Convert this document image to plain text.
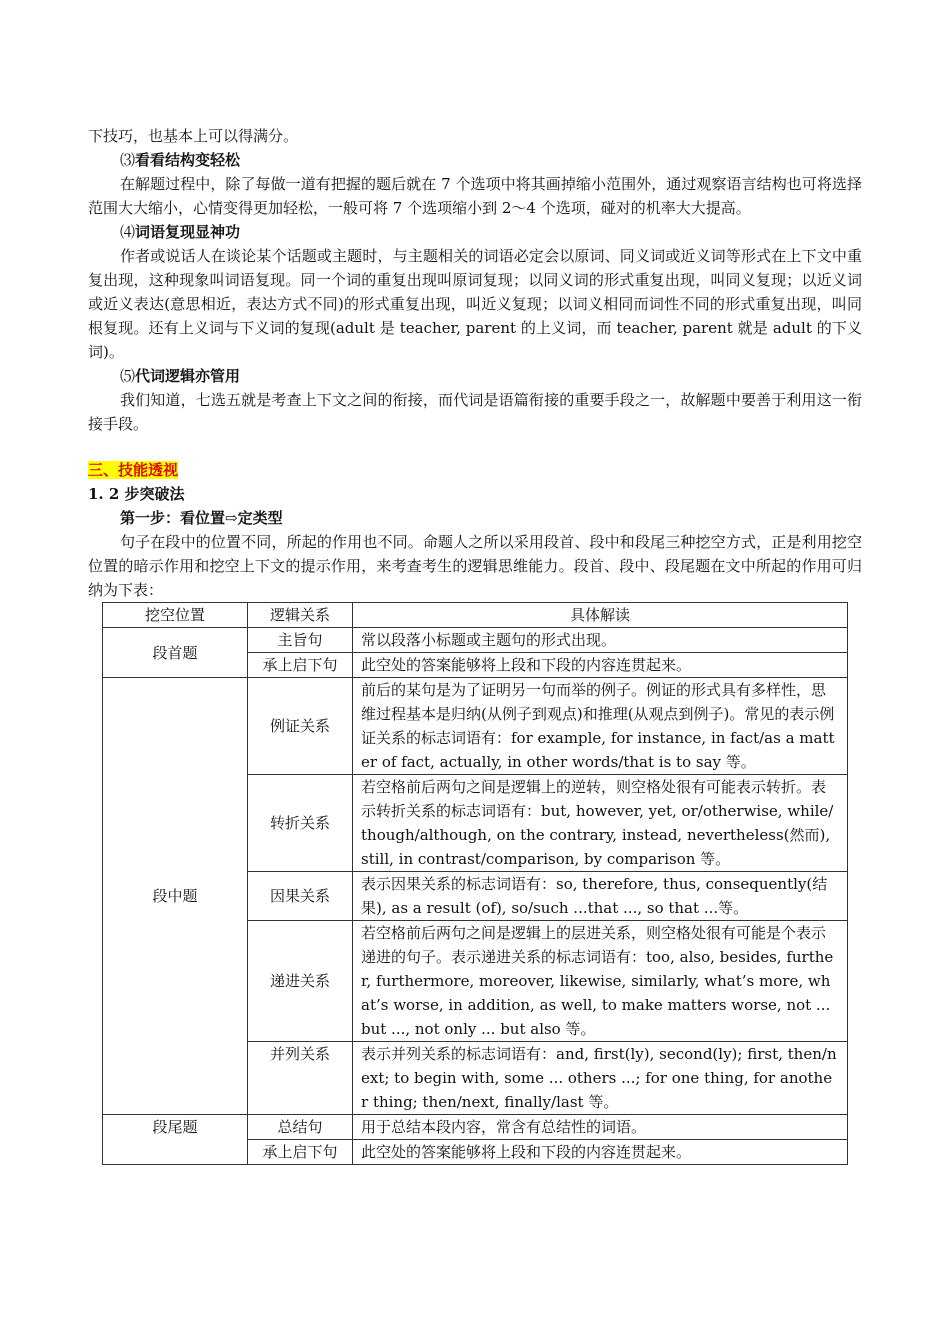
下技巧，也基本上可以得满分。

⑶看看结构变轻松

在解题过程中，除了每做一道有把握的题后就在 7 个选项中将其画掉缩小范围外，通过观察语言结构也可将选择范围大大缩小，心情变得更加轻松，一般可将 7 个选项缩小到 2～4 个选项，碰对的机率大大提高。

⑷词语复现显神功

作者或说话人在谈论某个话题或主题时，与主题相关的词语必定会以原词、同义词或近义词等形式在上下文中重复出现，这种现象叫词语复现。同一个词的重复出现叫原词复现；以同义词的形式重复出现，叫同义复现；以近义词或近义表达(意思相近，表达方式不同)的形式重复出现，叫近义复现；以词义相同而词性不同的形式重复出现，叫同根复现。还有上义词与下义词的复现(adult 是 teacher, parent 的上义词，而 teacher, parent 就是 adult 的下义词)。

⑸代词逻辑亦管用

我们知道，七选五就是考查上下文之间的衔接，而代词是语篇衔接的重要手段之一，故解题中要善于利用这一衔接手段。

三、技能透视

1. 2 步突破法

第一步：看位置⇨定类型

句子在段中的位置不同，所起的作用也不同。命题人之所以采用段首、段中和段尾三种挖空方式，正是利用挖空位置的暗示作用和挖空上下文的提示作用，来考查考生的逻辑思维能力。段首、段中、段尾题在文中所起的作用可归纳为下表：

挖空位置	逻辑关系	具体解读
段首题	主旨句	常以段落小标题或主题句的形式出现。
	承上启下句	此空处的答案能够将上段和下段的内容连贯起来。
段中题	例证关系	前后的某句是为了证明另一句而举的例子。例证的形式具有多样性，思维过程基本是归纳(从例子到观点)和推理(从观点到例子)。常见的表示例证关系的标志词语有：for example, for instance, in fact/as a matter of fact, actually, in other words/that is to say 等。
	转折关系	若空格前后两句之间是逻辑上的逆转，则空格处很有可能表示转折。表示转折关系的标志词语有：but, however, yet, or/otherwise, while/though/although, on the contrary, instead, nevertheless(然而), still, in contrast/comparison, by comparison 等。
	因果关系	表示因果关系的标志词语有：so, therefore, thus, consequently(结果), as a result (of), so/such ...that ..., so that ...等。
	递进关系	若空格前后两句之间是逻辑上的层进关系，则空格处很有可能是个表示递进的句子。表示递进关系的标志词语有：too, also, besides, further, furthermore, moreover, likewise, similarly, what’s more, what’s worse, in addition, as well, to make matters worse, not ... but ..., not only ... but also 等。
	并列关系	表示并列关系的标志词语有：and, first(ly), second(ly); first, then/next; to begin with, some ... others ...; for one thing, for another thing; then/next, finally/last 等。
段尾题	总结句	用于总结本段内容，常含有总结性的词语。
	承上启下句	此空处的答案能够将上段和下段的内容连贯起来。
